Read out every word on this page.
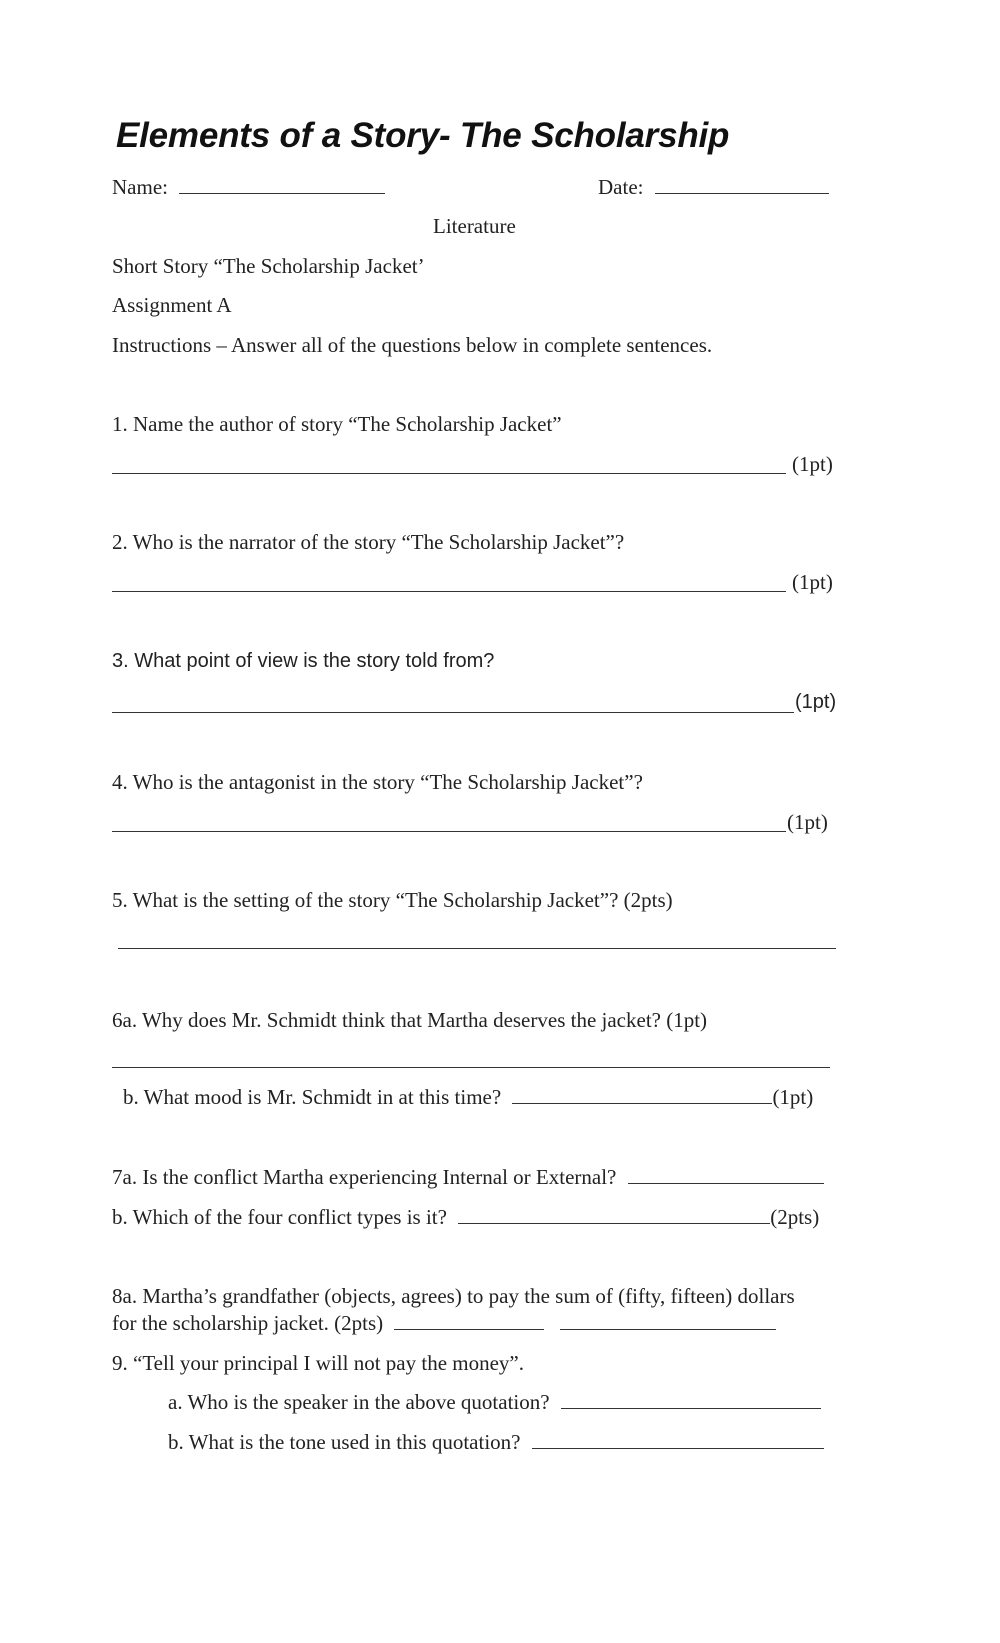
Elements of a Story- The Scholarship
Name:	Date:
Literature
Short Story “The Scholarship Jacket’
Assignment A
Instructions – Answer all of the questions below in complete sentences.
1. Name the author of story “The Scholarship Jacket”
(1pt)
2. Who is the narrator of the story “The Scholarship Jacket”?
(1pt)
3. What point of view is the story told from?
(1pt)
4. Who is the antagonist in the story “The Scholarship Jacket”?
(1pt)
5. What is the setting of the story “The Scholarship Jacket”? (2pts)
6a. Why does Mr. Schmidt think that Martha deserves the jacket? (1pt)
b. What mood is Mr. Schmidt in at this time?	(1pt)
7a. Is the conflict Martha experiencing Internal or External?
b. Which of the four conflict types is it?	(2pts)
8a. Martha’s grandfather (objects, agrees) to pay the sum of (fifty, fifteen) dollars
for the scholarship jacket. (2pts)
9. “Tell your principal I will not pay the money”.
a. Who is the speaker in the above quotation?
b. What is the tone used in this quotation?
